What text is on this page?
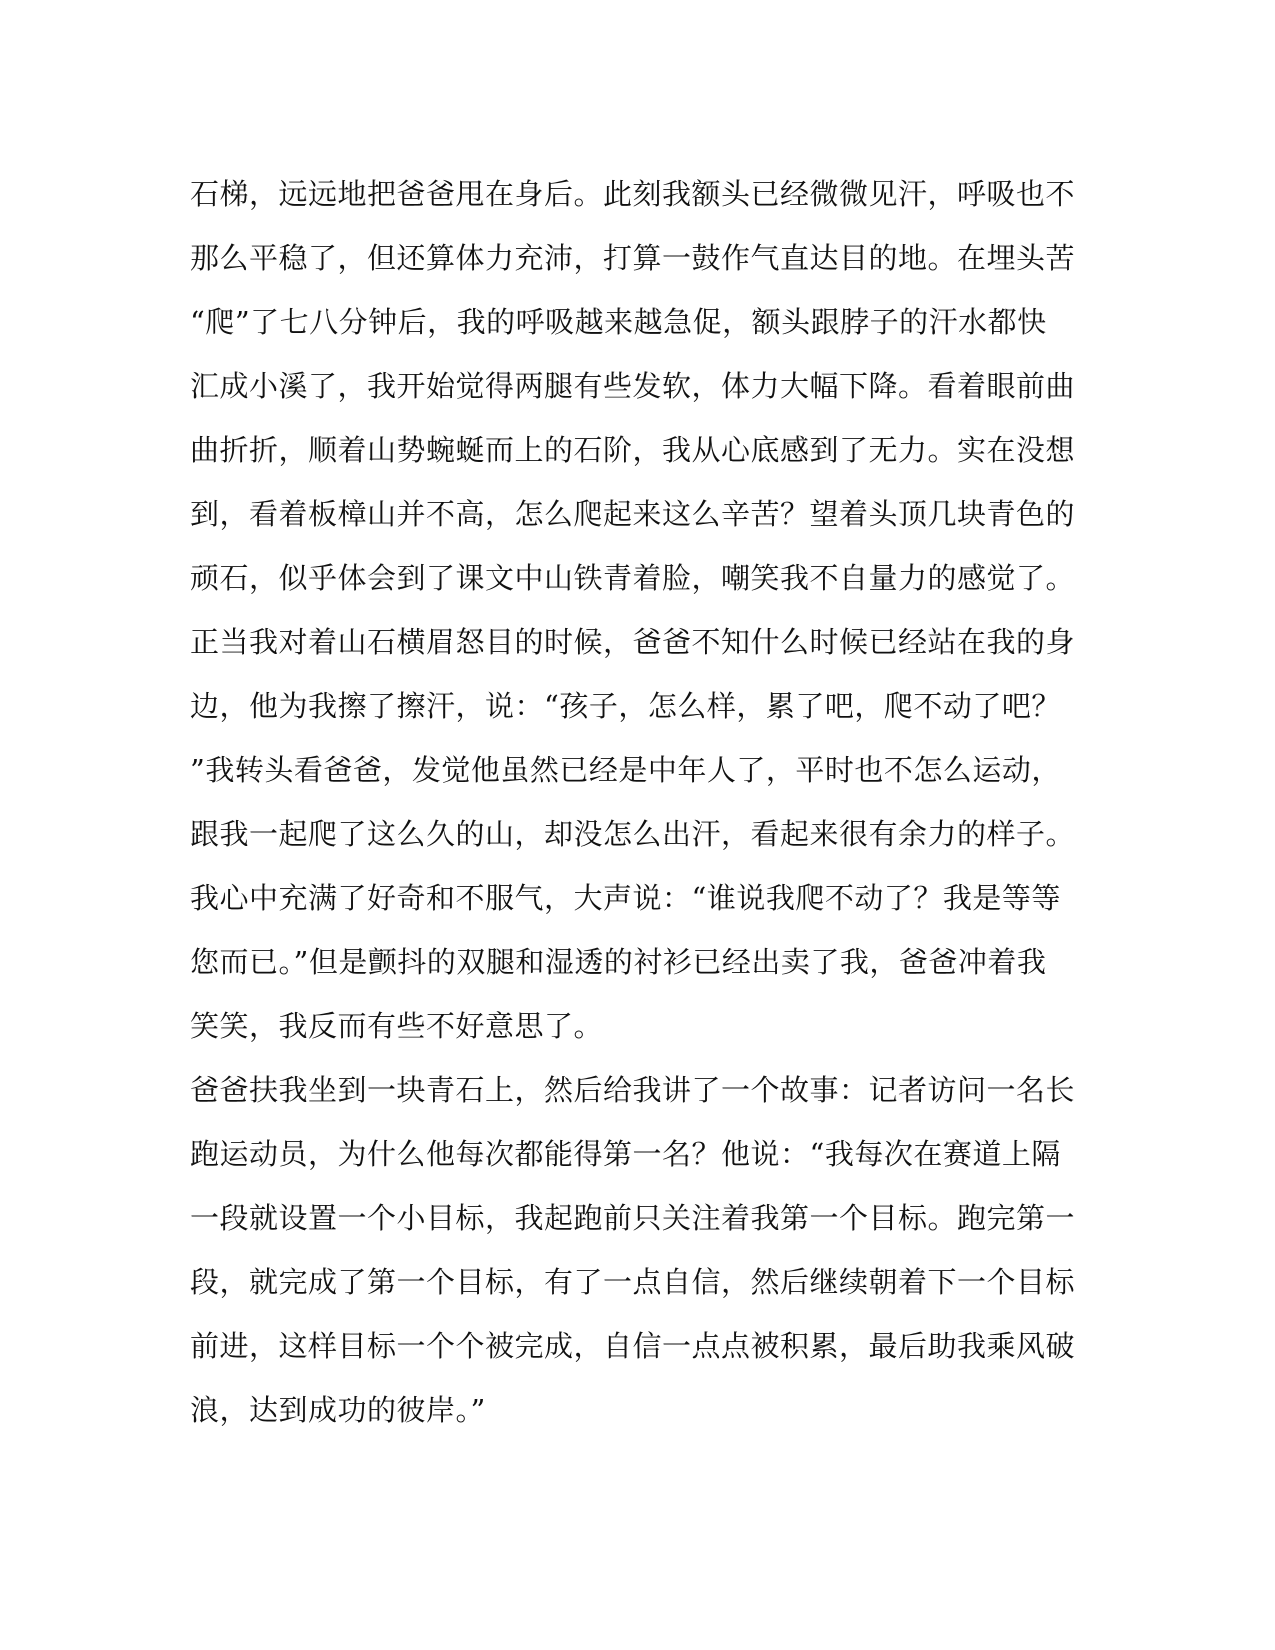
石梯，远远地把爸爸甩在身后。此刻我额头已经微微见汗，呼吸也不
那么平稳了，但还算体力充沛，打算一鼓作气直达目的地。在埋头苦
“爬”了七八分钟后，我的呼吸越来越急促，额头跟脖子的汗水都快
汇成小溪了，我开始觉得两腿有些发软，体力大幅下降。看着眼前曲
曲折折，顺着山势蜿蜒而上的石阶，我从心底感到了无力。实在没想
到，看着板樟山并不高，怎么爬起来这么辛苦？望着头顶几块青色的
顽石，似乎体会到了课文中山铁青着脸，嘲笑我不自量力的感觉了。
正当我对着山石横眉怒目的时候，爸爸不知什么时候已经站在我的身
边，他为我擦了擦汗，说：“孩子，怎么样，累了吧，爬不动了吧？
”我转头看爸爸，发觉他虽然已经是中年人了，平时也不怎么运动，
跟我一起爬了这么久的山，却没怎么出汗，看起来很有余力的样子。
我心中充满了好奇和不服气，大声说：“谁说我爬不动了？我是等等
您而已。”但是颤抖的双腿和湿透的衬衫已经出卖了我，爸爸冲着我
笑笑，我反而有些不好意思了。
爸爸扶我坐到一块青石上，然后给我讲了一个故事：记者访问一名长
跑运动员，为什么他每次都能得第一名？他说：“我每次在赛道上隔
一段就设置一个小目标，我起跑前只关注着我第一个目标。跑完第一
段，就完成了第一个目标，有了一点自信，然后继续朝着下一个目标
前进，这样目标一个个被完成，自信一点点被积累，最后助我乘风破
浪，达到成功的彼岸。”
